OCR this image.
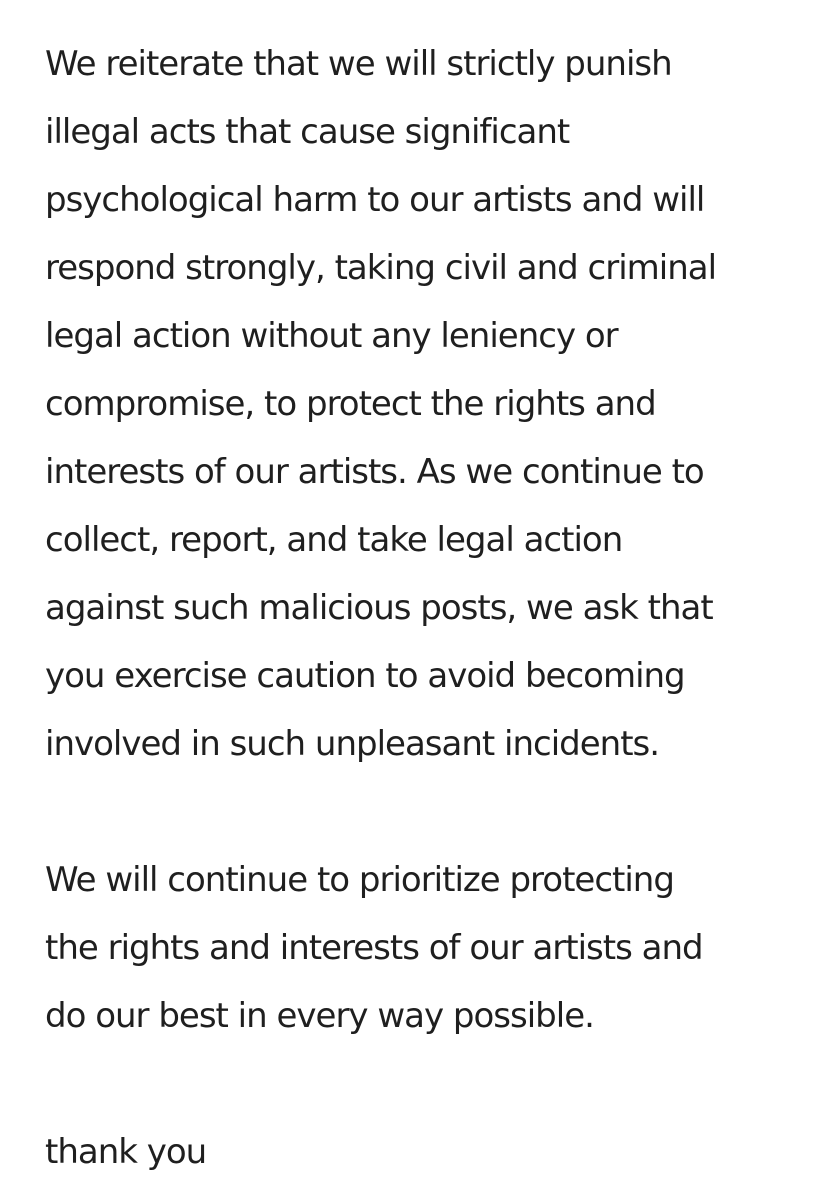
We reiterate that we will strictly punish
illegal acts that cause significant
psychological harm to our artists and will
respond strongly, taking civil and criminal
legal action without any leniency or
compromise, to protect the rights and
interests of our artists. As we continue to
collect, report, and take legal action
against such malicious posts, we ask that
you exercise caution to avoid becoming
involved in such unpleasant incidents.

We will continue to prioritize protecting
the rights and interests of our artists and
do our best in every way possible.

thank you
